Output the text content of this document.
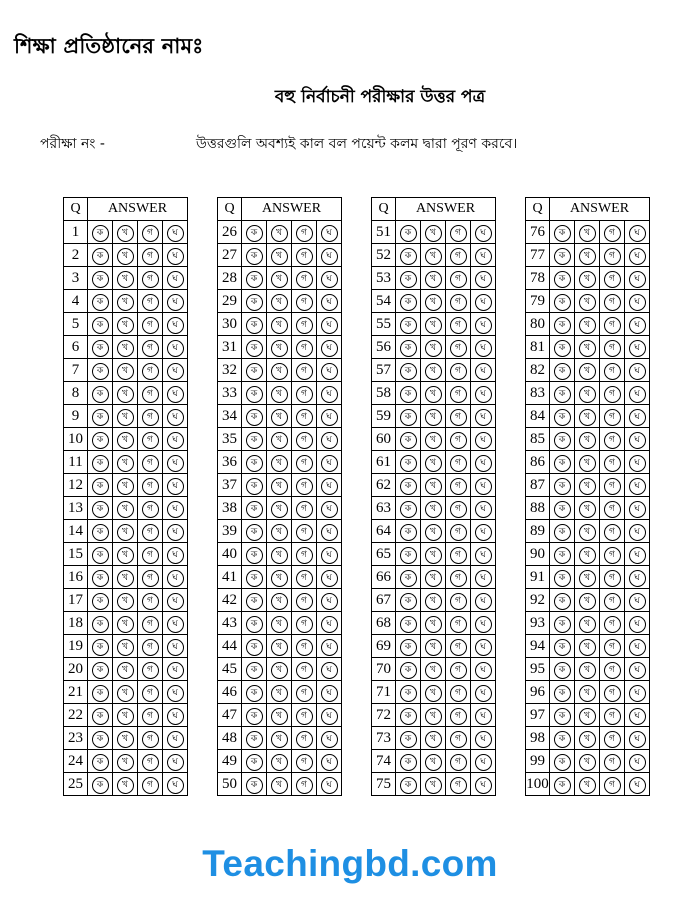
শিক্ষা প্রতিষ্ঠানের নামঃ
বহু নির্বাচনী পরীক্ষার উত্তর পত্র
পরীক্ষা নং -	উত্তরগুলি অবশ্যই কাল বল পয়েন্ট কলম দ্বারা পূরণ করবে।
Q	ANSWER			
1	ক	খ	গ	ঘ
2	ক	খ	গ	ঘ
3	ক	খ	গ	ঘ
4	ক	খ	গ	ঘ
5	ক	খ	গ	ঘ
6	ক	খ	গ	ঘ
7	ক	খ	গ	ঘ
8	ক	খ	গ	ঘ
9	ক	খ	গ	ঘ
10	ক	খ	গ	ঘ
11	ক	খ	গ	ঘ
12	ক	খ	গ	ঘ
13	ক	খ	গ	ঘ
14	ক	খ	গ	ঘ
15	ক	খ	গ	ঘ
16	ক	খ	গ	ঘ
17	ক	খ	গ	ঘ
18	ক	খ	গ	ঘ
19	ক	খ	গ	ঘ
20	ক	খ	গ	ঘ
21	ক	খ	গ	ঘ
22	ক	খ	গ	ঘ
23	ক	খ	গ	ঘ
24	ক	খ	গ	ঘ
25	ক	খ	গ	ঘ
Q	ANSWER			
26	ক	খ	গ	ঘ
27	ক	খ	গ	ঘ
28	ক	খ	গ	ঘ
29	ক	খ	গ	ঘ
30	ক	খ	গ	ঘ
31	ক	খ	গ	ঘ
32	ক	খ	গ	ঘ
33	ক	খ	গ	ঘ
34	ক	খ	গ	ঘ
35	ক	খ	গ	ঘ
36	ক	খ	গ	ঘ
37	ক	খ	গ	ঘ
38	ক	খ	গ	ঘ
39	ক	খ	গ	ঘ
40	ক	খ	গ	ঘ
41	ক	খ	গ	ঘ
42	ক	খ	গ	ঘ
43	ক	খ	গ	ঘ
44	ক	খ	গ	ঘ
45	ক	খ	গ	ঘ
46	ক	খ	গ	ঘ
47	ক	খ	গ	ঘ
48	ক	খ	গ	ঘ
49	ক	খ	গ	ঘ
50	ক	খ	গ	ঘ
Q	ANSWER			
51	ক	খ	গ	ঘ
52	ক	খ	গ	ঘ
53	ক	খ	গ	ঘ
54	ক	খ	গ	ঘ
55	ক	খ	গ	ঘ
56	ক	খ	গ	ঘ
57	ক	খ	গ	ঘ
58	ক	খ	গ	ঘ
59	ক	খ	গ	ঘ
60	ক	খ	গ	ঘ
61	ক	খ	গ	ঘ
62	ক	খ	গ	ঘ
63	ক	খ	গ	ঘ
64	ক	খ	গ	ঘ
65	ক	খ	গ	ঘ
66	ক	খ	গ	ঘ
67	ক	খ	গ	ঘ
68	ক	খ	গ	ঘ
69	ক	খ	গ	ঘ
70	ক	খ	গ	ঘ
71	ক	খ	গ	ঘ
72	ক	খ	গ	ঘ
73	ক	খ	গ	ঘ
74	ক	খ	গ	ঘ
75	ক	খ	গ	ঘ
Q	ANSWER			
76	ক	খ	গ	ঘ
77	ক	খ	গ	ঘ
78	ক	খ	গ	ঘ
79	ক	খ	গ	ঘ
80	ক	খ	গ	ঘ
81	ক	খ	গ	ঘ
82	ক	খ	গ	ঘ
83	ক	খ	গ	ঘ
84	ক	খ	গ	ঘ
85	ক	খ	গ	ঘ
86	ক	খ	গ	ঘ
87	ক	খ	গ	ঘ
88	ক	খ	গ	ঘ
89	ক	খ	গ	ঘ
90	ক	খ	গ	ঘ
91	ক	খ	গ	ঘ
92	ক	খ	গ	ঘ
93	ক	খ	গ	ঘ
94	ক	খ	গ	ঘ
95	ক	খ	গ	ঘ
96	ক	খ	গ	ঘ
97	ক	খ	গ	ঘ
98	ক	খ	গ	ঘ
99	ক	খ	গ	ঘ
100	ক	খ	গ	ঘ
Teachingbd.com
